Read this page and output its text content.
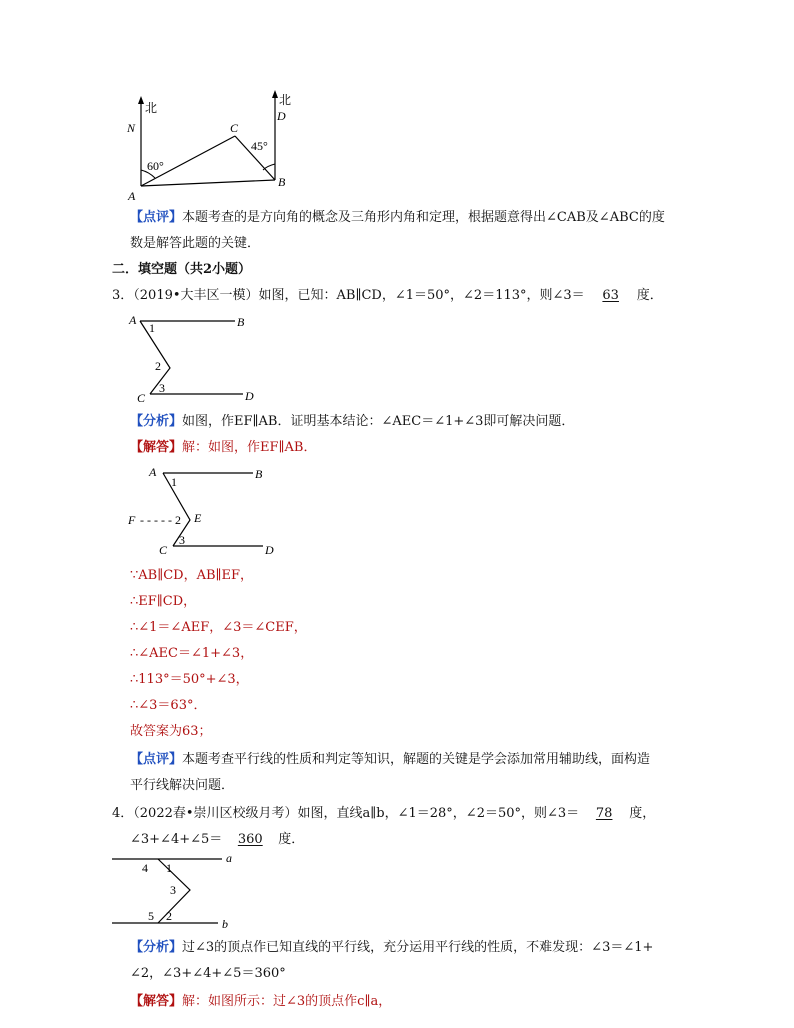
北
北
N	C
D
A
B
60°
45°
【点评】本题考查的是方向角的概念及三角形内角和定理，根据题意得出∠CAB及∠ABC的度
数是解答此题的关键．
二．填空题（共2小题）
3．（2019•大丰区一模）如图，已知：AB∥CD，∠1＝50°，∠2＝113°，则∠3＝ 63 度．
A	B
C	D
1
2
3
【分析】如图，作EF∥AB．证明基本结论：∠AEC＝∠1+∠3即可解决问题．
【解答】解：如图，作EF∥AB．
A	B
C	D
E
F - - - - -
1
2
3
∵AB∥CD，AB∥EF，
∴EF∥CD，
∴∠1＝∠AEF，∠3＝∠CEF，
∴∠AEC＝∠1+∠3，
∴113°＝50°+∠3，
∴∠3＝63°．
故答案为63；
【点评】本题考查平行线的性质和判定等知识，解题的关键是学会添加常用辅助线，面构造
平行线解决问题．
4．（2022春•崇川区校级月考）如图，直线a∥b，∠1＝28°，∠2＝50°，则∠3＝ 78 度，
∠3+∠4+∠5＝ 360 度．
a
b
4 1
3
5 2
【分析】过∠3的顶点作已知直线的平行线，充分运用平行线的性质，不难发现：∠3＝∠1+
∠2，∠3+∠4+∠5＝360°
【解答】解：如图所示：过∠3的顶点作c∥a，
